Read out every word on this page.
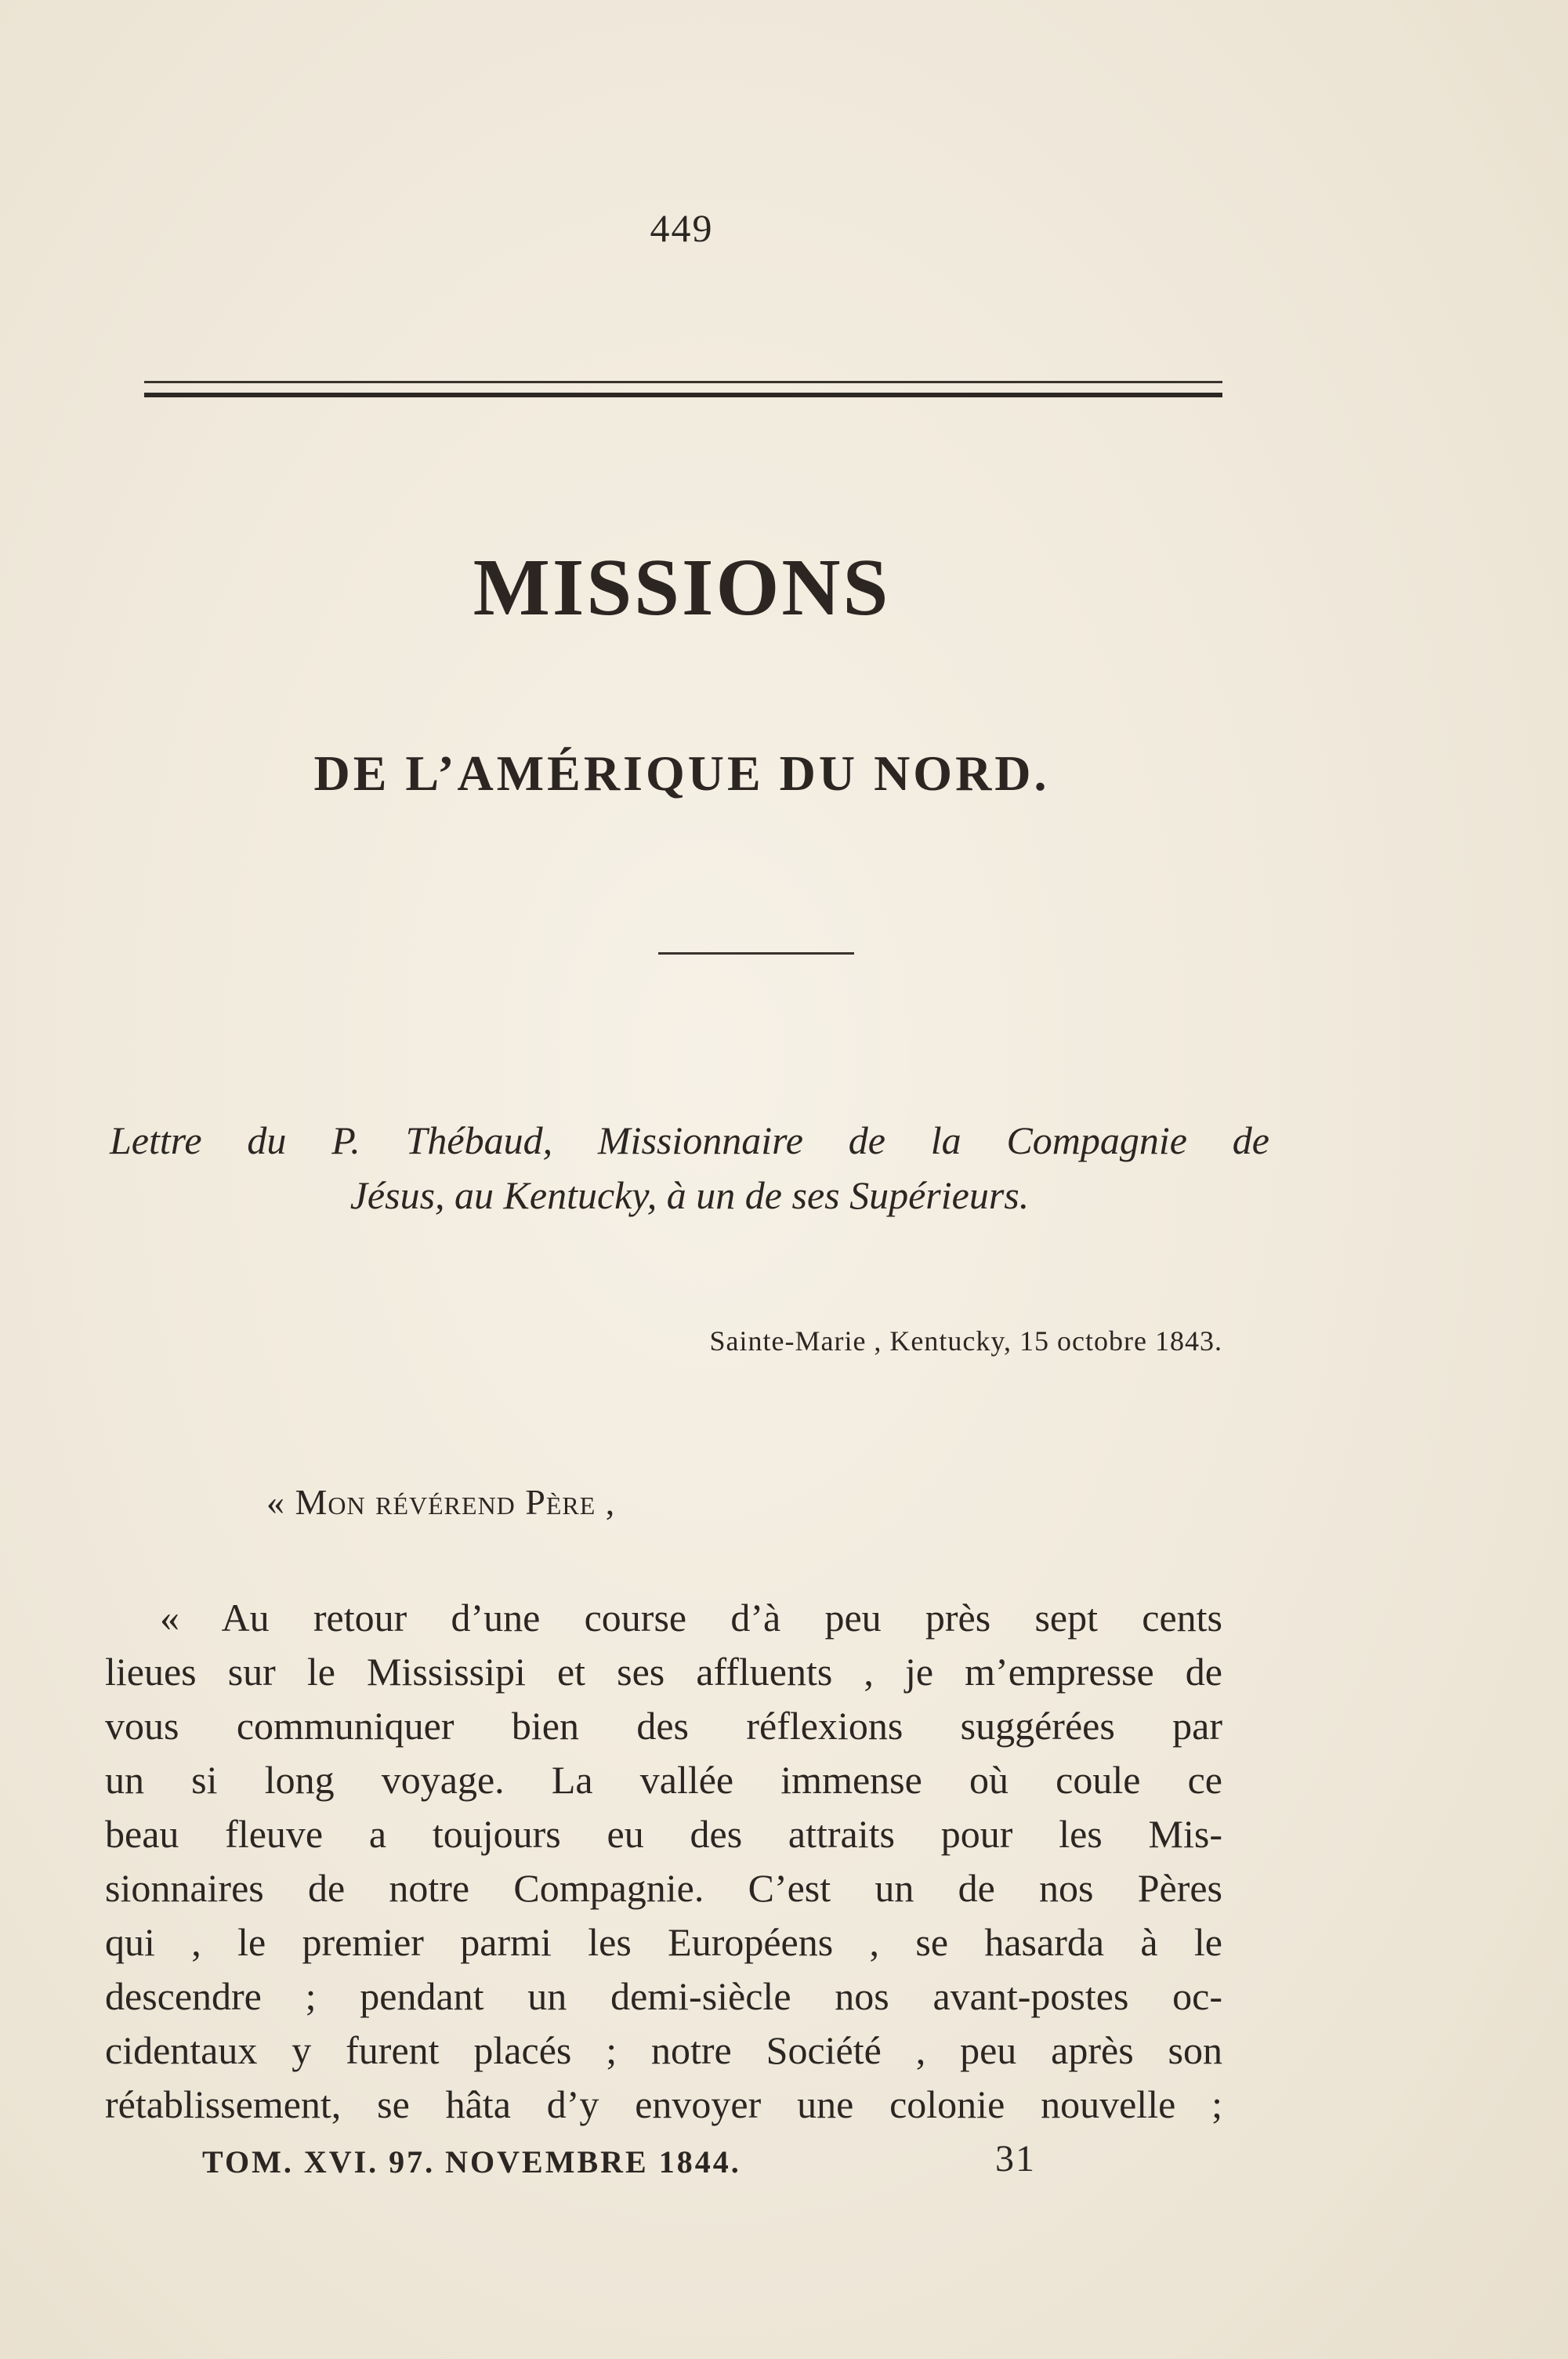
449
MISSIONS
DE L’AMÉRIQUE DU NORD.
Lettre du P. Thébaud, Missionnaire de la Compagnie de
Jésus, au Kentucky, à un de ses Supérieurs.
Sainte-Marie , Kentucky, 15 octobre 1843.
« Mon révérend Père ,
« Au retour d’une course d’à peu près sept cents
lieues sur le Mississipi et ses affluents , je m’empresse de
vous communiquer bien des réflexions suggérées par
un si long voyage. La vallée immense où coule ce
beau fleuve a toujours eu des attraits pour les Mis-
sionnaires de notre Compagnie. C’est un de nos Pères
qui , le premier parmi les Européens , se hasarda à le
descendre ; pendant un demi-siècle nos avant-postes oc-
cidentaux y furent placés ; notre Société , peu après son
rétablissement, se hâta d’y envoyer une colonie nouvelle ;
TOM. XVI. 97. NOVEMBRE 1844.	31
